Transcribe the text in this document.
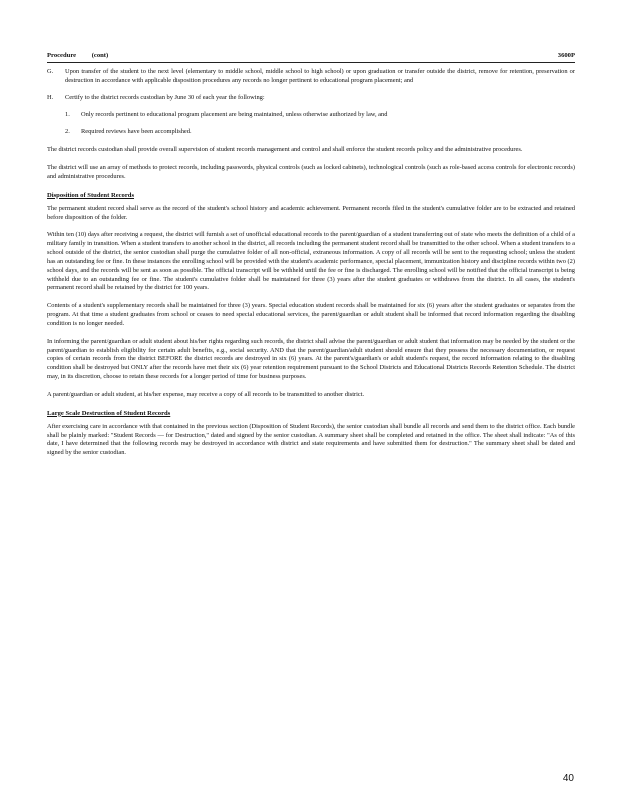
Procedure (cont)	3600P
G.	Upon transfer of the student to the next level (elementary to middle school, middle school to high school) or upon graduation or transfer outside the district, remove for retention, preservation or destruction in accordance with applicable disposition procedures any records no longer pertinent to educational program placement; and
H.	Certify to the district records custodian by June 30 of each year the following:
1.	Only records pertinent to educational program placement are being maintained, unless otherwise authorized by law, and
2.	Required reviews have been accomplished.

The district records custodian shall provide overall supervision of student records management and control and shall enforce the student records policy and the administrative procedures.

The district will use an array of methods to protect records, including passwords, physical controls (such as locked cabinets), technological controls (such as role-based access controls for electronic records) and administrative procedures.

Disposition of Student Records

The permanent student record shall serve as the record of the student's school history and academic achievement. Permanent records filed in the student's cumulative folder are to be extracted and retained before disposition of the folder.

Within ten (10) days after receiving a request, the district will furnish a set of unofficial educational records to the parent/guardian of a student transferring out of state who meets the definition of a child of a military family in transition. When a student transfers to another school in the district, all records including the permanent student record shall be transmitted to the other school. When a student transfers to a school outside of the district, the senior custodian shall purge the cumulative folder of all non-official, extraneous information. A copy of all records will be sent to the requesting school; unless the student has an outstanding fee or fine. In these instances the enrolling school will be provided with the student's academic performance, special placement, immunization history and discipline records within two (2) school days, and the records will be sent as soon as possible. The official transcript will be withheld until the fee or fine is discharged. The enrolling school will be notified that the official transcript is being withheld due to an outstanding fee or fine. The student's cumulative folder shall be maintained for three (3) years after the student graduates or withdraws from the district. In all cases, the student's permanent record shall be retained by the district for 100 years.

Contents of a student's supplementary records shall be maintained for three (3) years. Special education student records shall be maintained for six (6) years after the student graduates or separates from the program. At that time a student graduates from school or ceases to need special educational services, the parent/guardian or adult student shall be informed that record information regarding the disabling condition is no longer needed.

In informing the parent/guardian or adult student about his/her rights regarding such records, the district shall advise the parent/guardian or adult student that information may be needed by the student or the parent/guardian to establish eligibility for certain adult benefits, e.g., social security. AND that the parent/guardian/adult student should ensure that they possess the necessary documentation, or request copies of certain records from the district BEFORE the district records are destroyed in six (6) years. At the parent's/guardian's or adult student's request, the record information relating to the disabling condition shall be destroyed but ONLY after the records have met their six (6) year retention requirement pursuant to the School Districts and Educational Districts Records Retention Schedule. The district may, in its discretion, choose to retain these records for a longer period of time for business purposes.

A parent/guardian or adult student, at his/her expense, may receive a copy of all records to be transmitted to another district.

Large Scale Destruction of Student Records

After exercising care in accordance with that contained in the previous section (Disposition of Student Records), the senior custodian shall bundle all records and send them to the district office. Each bundle shall be plainly marked: "Student Records — for Destruction," dated and signed by the senior custodian. A summary sheet shall be completed and retained in the office. The sheet shall indicate: "As of this date, I have determined that the following records may be destroyed in accordance with district and state requirements and have submitted them for destruction." The summary sheet shall be dated and signed by the senior custodian.

40
